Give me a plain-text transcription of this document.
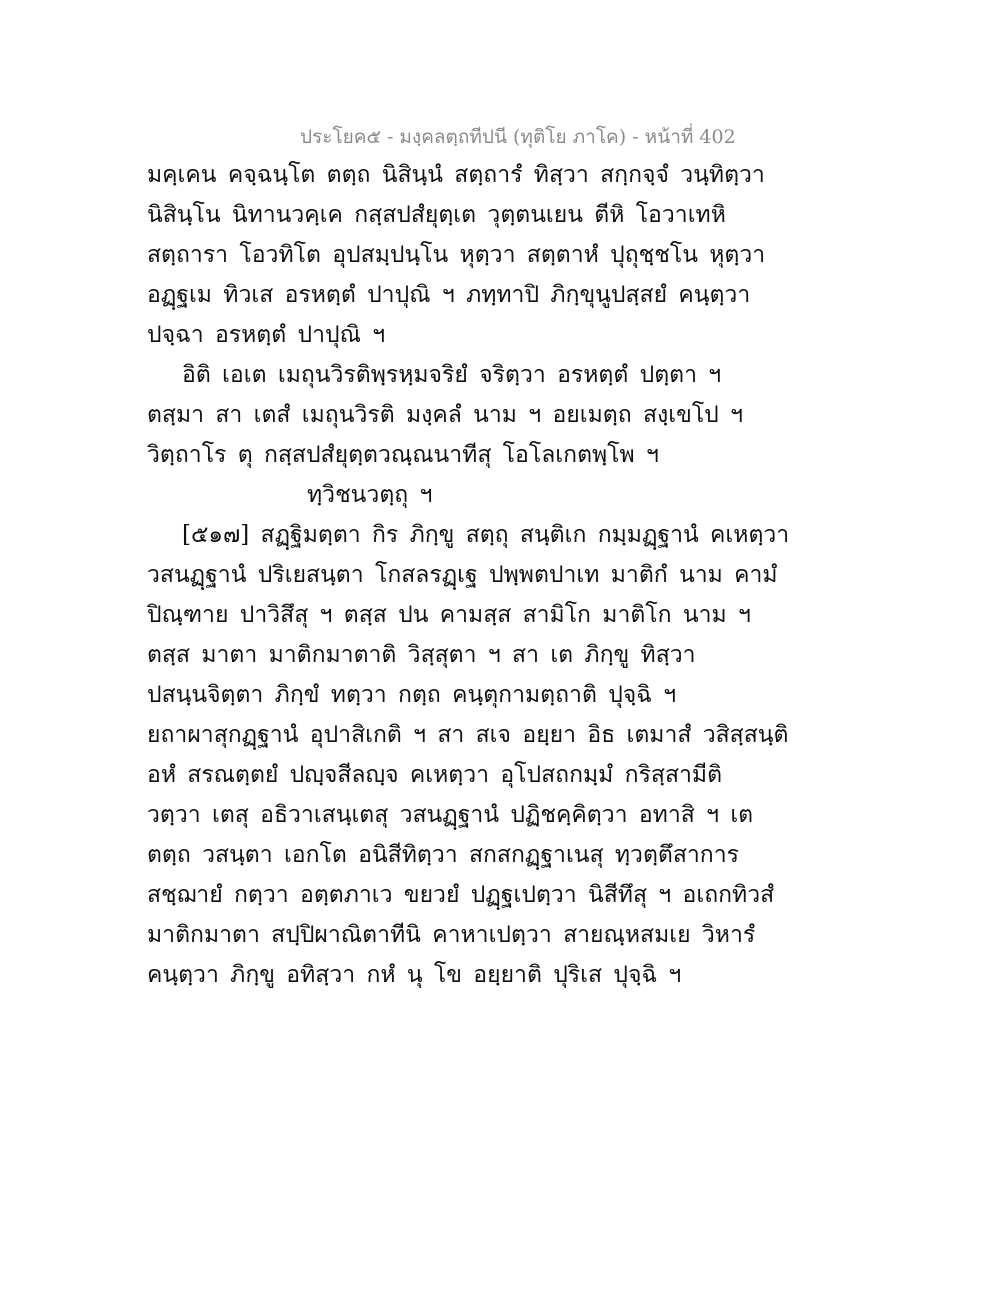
ประโยค๕ - มงฺคลตฺถทีปนี (ทุติโย ภาโค) - หน้าที่ 402
มคฺเคน คจฺฉนฺโต ตตฺถ นิสินฺนํ สตฺถารํ ทิสฺวา สกฺกจฺจํ วนฺทิตฺวา
นิสินฺโน นิทานวคฺเค กสฺสปสํยุตฺเต วุตฺตนเยน ตีหิ โอวาเทหิ
สตฺถารา โอวทิโต อุปสมฺปนฺโน หุตฺวา สตฺตาหํ ปุถุชฺชโน หุตฺวา
อฏฺฐเม ทิวเส อรหตฺตํ ปาปุณิ ฯ ภทฺทาปิ ภิกฺขุนูปสฺสยํ คนฺตฺวา
ปจฺฉา อรหตฺตํ ปาปุณิ ฯ
อิติ เอเต เมถุนวิรติพฺรหฺมจริยํ จริตฺวา อรหตฺตํ ปตฺตา ฯ
ตสฺมา สา เตสํ เมถุนวิรติ มงฺคลํ นาม ฯ อยเมตฺถ สงฺเขโป ฯ
วิตฺถาโร ตุ กสฺสปสํยุตฺตวณฺณนาทีสุ โอโลเกตพฺโพ ฯ
ทฺวิชนวตฺถุ ฯ
[๕๑๗] สฏฺฐิมตฺตา กิร ภิกฺขู สตฺถุ สนฺติเก กมฺมฏฺฐานํ คเหตฺวา
วสนฏฺฐานํ ปริเยสนฺตา โกสลรฏฺเฐ ปพฺพตปาเท มาติกํ นาม คามํ
ปิณฺฑาย ปาวิสึสุ ฯ ตสฺส ปน คามสฺส สามิโก มาติโก นาม ฯ
ตสฺส มาตา มาติกมาตาติ วิสฺสุตา ฯ สา เต ภิกฺขู ทิสฺวา
ปสนฺนจิตฺตา ภิกฺขํ ทตฺวา กตฺถ คนฺตุกามตฺถาติ ปุจฺฉิ ฯ
ยถาผาสุกฏฺฐานํ อุปาสิเกติ ฯ สา สเจ อยฺยา อิธ เตมาสํ วสิสฺสนฺติ
อหํ สรณตฺตยํ ปญฺจสีลญฺจ คเหตฺวา อุโปสถกมฺมํ กริสฺสามีติ
วตฺวา เตสุ อธิวาเสนฺเตสุ วสนฏฺฐานํ ปฏิชคฺคิตฺวา อทาสิ ฯ เต
ตตฺถ วสนฺตา เอกโต อนิสีทิตฺวา สกสกฏฺฐาเนสุ ทฺวตฺตึสาการ
สชฺฌายํ กตฺวา อตฺตภาเว ขยวยํ ปฏฺฐเปตฺวา นิสีทึสุ ฯ อเถกทิวสํ
มาติกมาตา สปฺปิผาณิตาทีนิ คาหาเปตฺวา สายณฺหสมเย วิหารํ
คนฺตฺวา ภิกฺขู อทิสฺวา กหํ นุ โข อยฺยาติ ปุริเส ปุจฺฉิ ฯ
